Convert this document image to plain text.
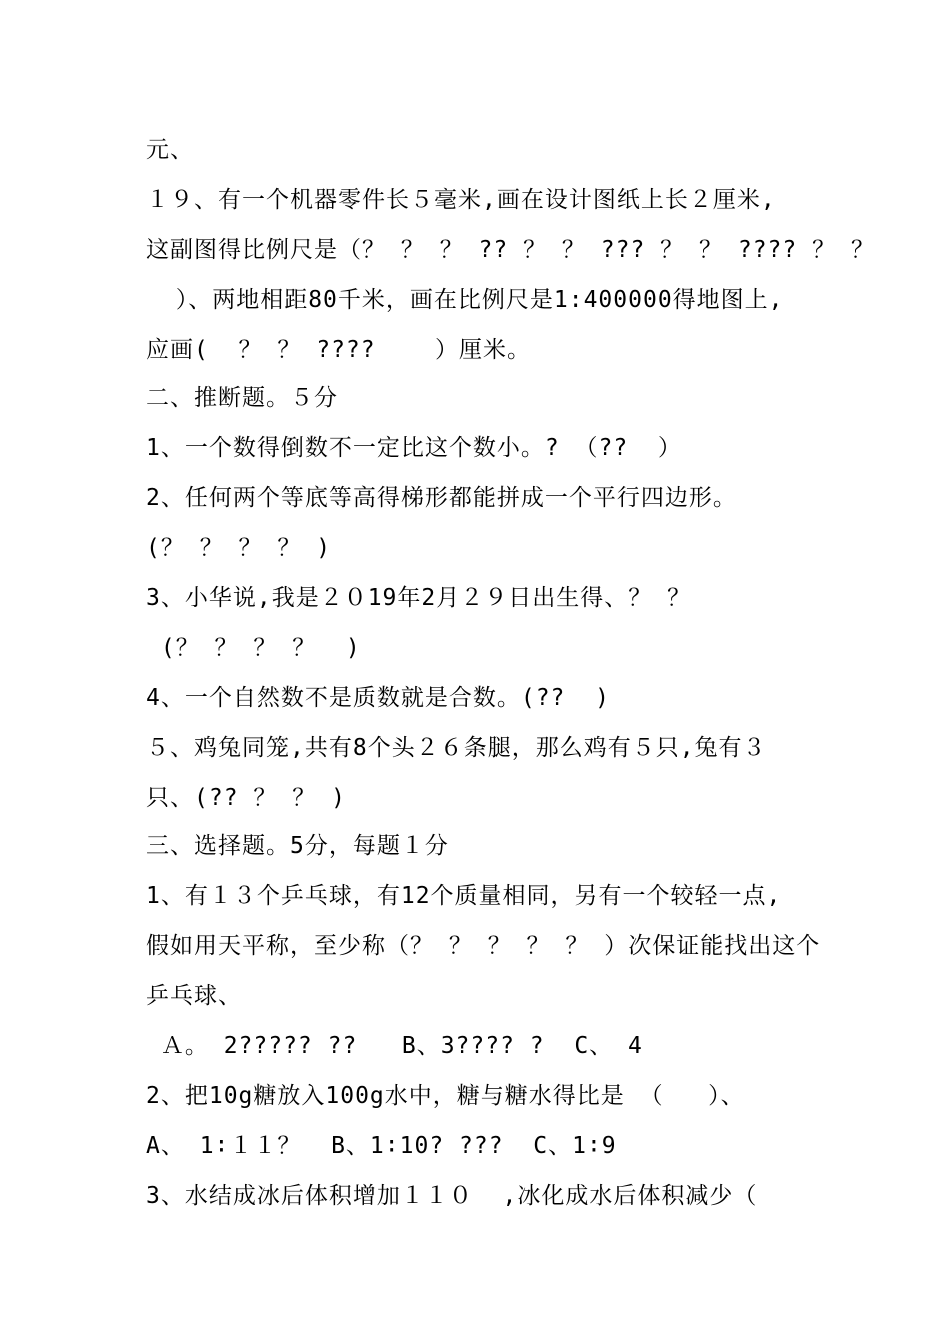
元、
１９、有一个机器零件长５毫米,画在设计图纸上长２厘米,
这副图得比例尺是（？ ？ ？ ?? ？ ？ ??? ？ ？ ???? ？ ？
）、两地相距80千米，画在比例尺是1:400000得地图上,
应画(  ？ ？ ????    ）厘米。
二、推断题。５分
1、一个数得倒数不一定比这个数小。? （??  ）
2、任何两个等底等高得梯形都能拼成一个平行四边形。
(？ ？ ？ ？ )
3、小华说,我是２０19年2月２９日出生得、？ ？
(？ ？ ？ ？  )
4、一个自然数不是质数就是合数。(??  )
５、鸡兔同笼,共有8个头２６条腿，那么鸡有５只,兔有３
只、(?? ？ ？ )
三、选择题。5分，每题１分
1、有１３个乒乓球，有12个质量相同，另有一个较轻一点,
假如用天平称，至少称（？ ？ ？ ？ ？ ）次保证能找出这个
乒乓球、
Ａ。 2????? ??   B、3???? ?  C、 4
2、把10g糖放入100g水中，糖与糖水得比是 （   ）、
A、 1∶１１？  B、1∶10? ???  C、1∶9
3、水结成冰后体积增加１１０  ,冰化成水后体积减少（
